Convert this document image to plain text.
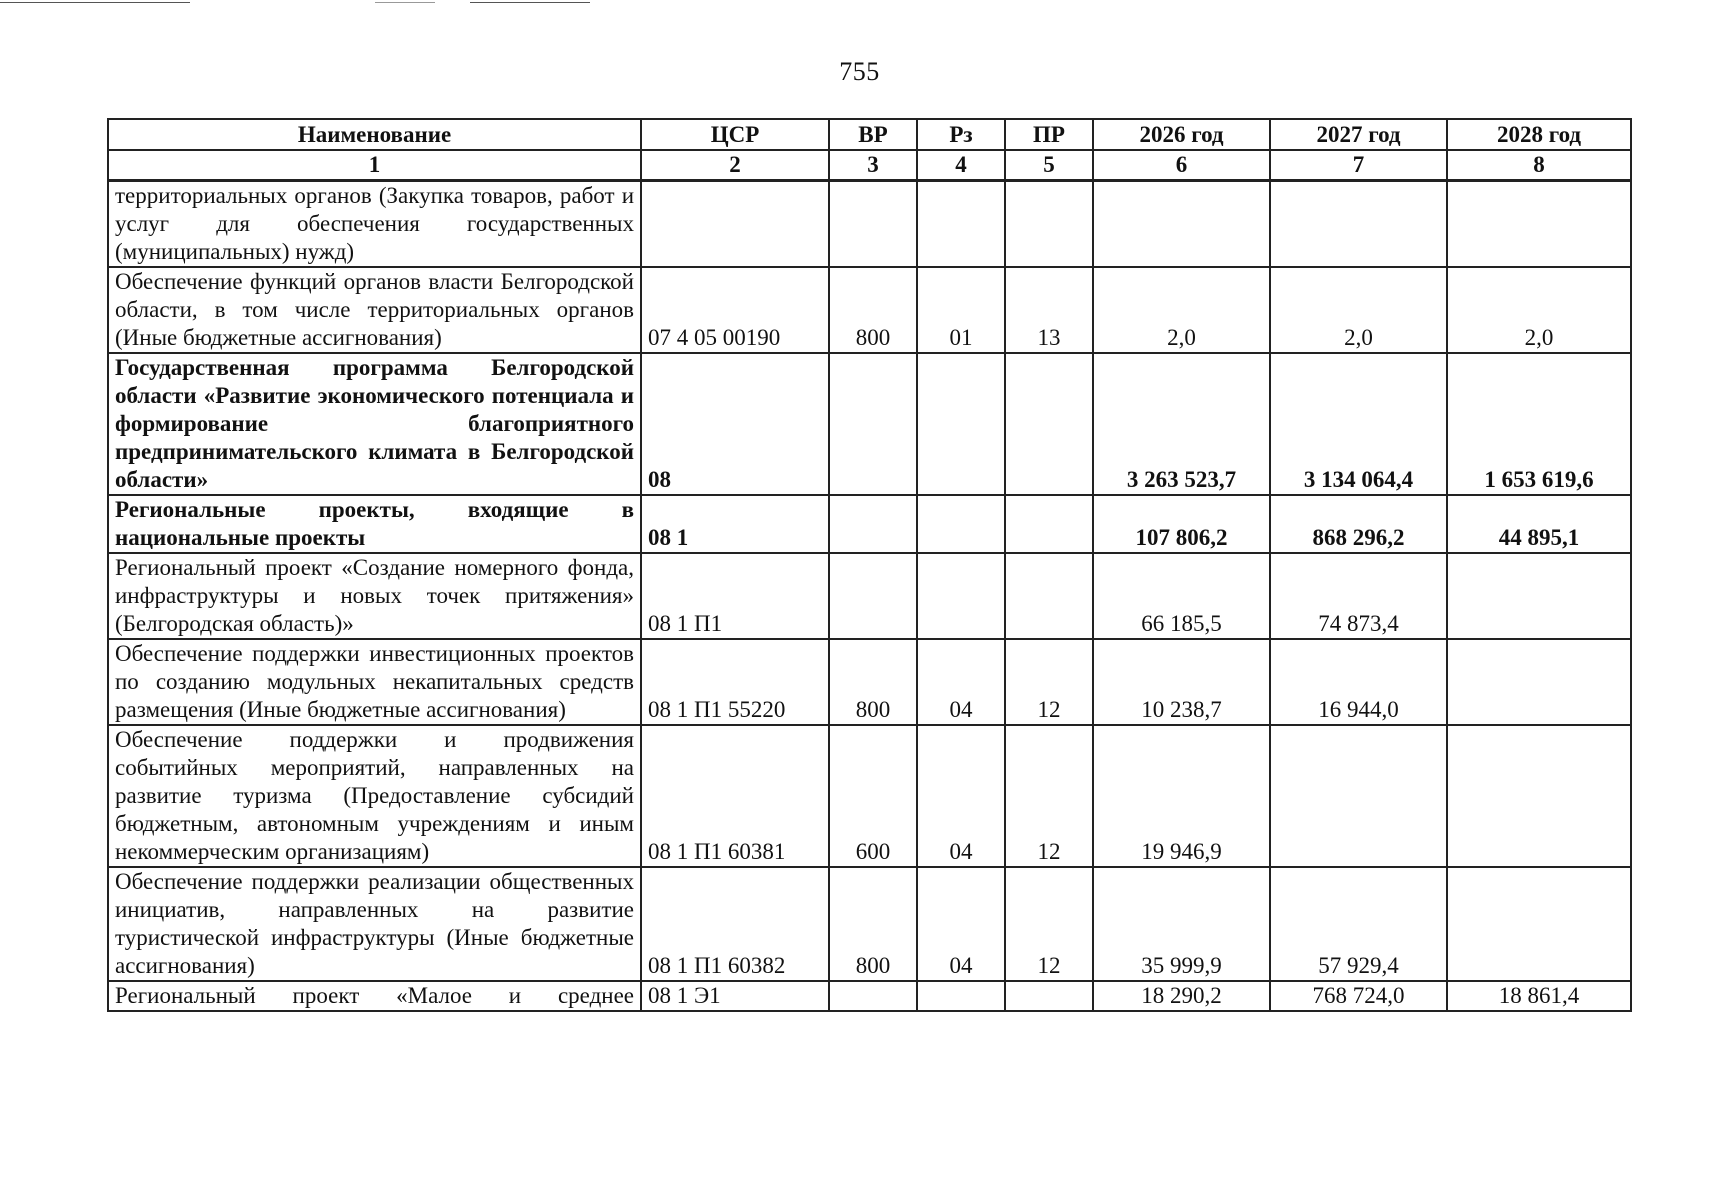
755
Наименование	ЦСР	ВР	Рз	ПР	2026 год	2027 год	2028 год
1	2	3	4	5	6	7	8
территориальных органов (Закупка товаров, работ и услуг для обеспечения государственных (муниципальных) нужд)							
Обеспечение функций органов власти Белгородской области, в том числе территориальных органов (Иные бюджетные ассигнования)	07 4 05 00190	800	01	13	2,0	2,0	2,0
Государственная программа Белгородской области «Развитие экономического потенциала и формирование благоприятного предпринимательского климата в Белгородской области»	08				3 263 523,7	3 134 064,4	1 653 619,6
Региональные проекты, входящие в национальные проекты	08 1				107 806,2	868 296,2	44 895,1
Региональный проект «Создание номерного фонда, инфраструктуры и новых точек притяжения» (Белгородская область)»	08 1 П1				66 185,5	74 873,4	
Обеспечение поддержки инвестиционных проектов по созданию модульных некапитальных средств размещения (Иные бюджетные ассигнования)	08 1 П1 55220	800	04	12	10 238,7	16 944,0	
Обеспечение поддержки и продвижения событийных мероприятий, направленных на развитие туризма (Предоставление субсидий бюджетным, автономным учреждениям и иным некоммерческим организациям)	08 1 П1 60381	600	04	12	19 946,9		
Обеспечение поддержки реализации общественных инициатив, направленных на развитие туристической инфраструктуры (Иные бюджетные ассигнования)	08 1 П1 60382	800	04	12	35 999,9	57 929,4	
Региональный проект «Малое и среднее	08 1 Э1				18 290,2	768 724,0	18 861,4
